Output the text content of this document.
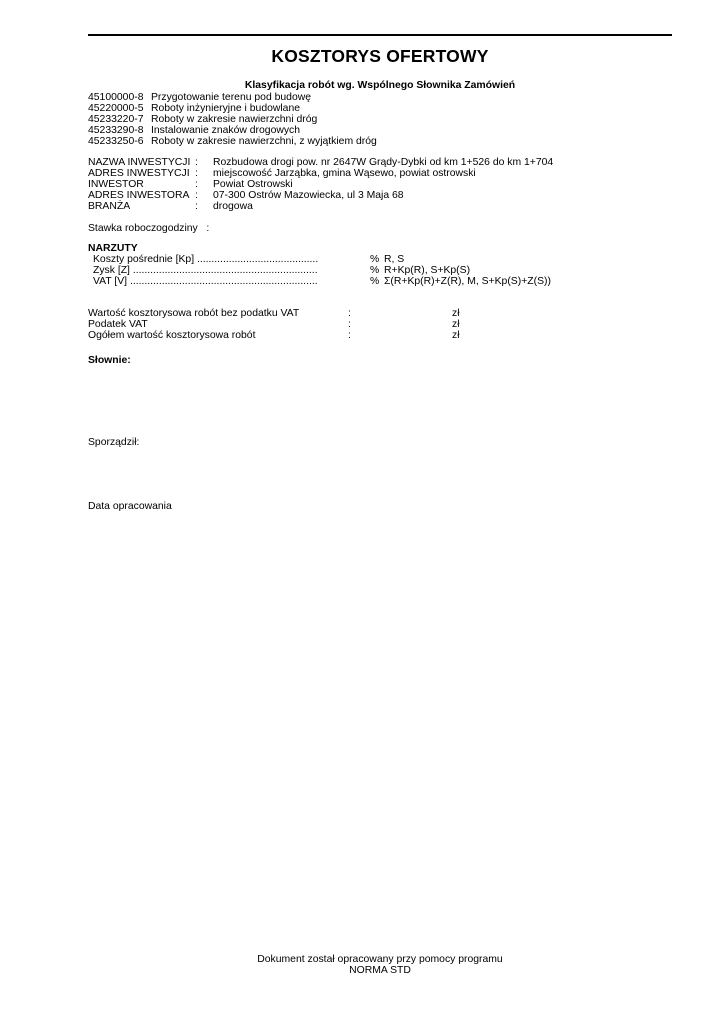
KOSZTORYS OFERTOWY
Klasyfikacja robót wg. Wspólnego Słownika Zamówień
45100000-8 Przygotowanie terenu pod budowę
45220000-5 Roboty inżynieryjne i budowlane
45233220-7 Roboty w zakresie nawierzchni dróg
45233290-8 Instalowanie znaków drogowych
45233250-6 Roboty w zakresie nawierzchni, z wyjątkiem dróg
NAZWA INWESTYCJI : Rozbudowa drogi pow. nr 2647W Grądy-Dybki od km 1+526 do km 1+704
ADRES INWESTYCJI : miejscowość Jarząbka, gmina Wąsewo, powiat ostrowski
INWESTOR	: Powiat Ostrowski
ADRES INWESTORA : 07-300 Ostrów Mazowiecka, ul 3 Maja 68
BRANŻA	: drogowa
Stawka roboczogodziny   :
NARZUTY
Koszty pośrednie [Kp] ..........................................	% R, S
Zysk [Z] ................................................................	% R+Kp(R), S+Kp(S)
VAT [V] .................................................................	% Σ(R+Kp(R)+Z(R), M, S+Kp(S)+Z(S))
Wartość kosztorysowa robót bez podatku VAT	:	zł
Podatek VAT	:	zł
Ogółem wartość kosztorysowa robót	:	zł
Słownie:
Sporządził:
Data opracowania
Dokument został opracowany przy pomocy programu
NORMA STD
